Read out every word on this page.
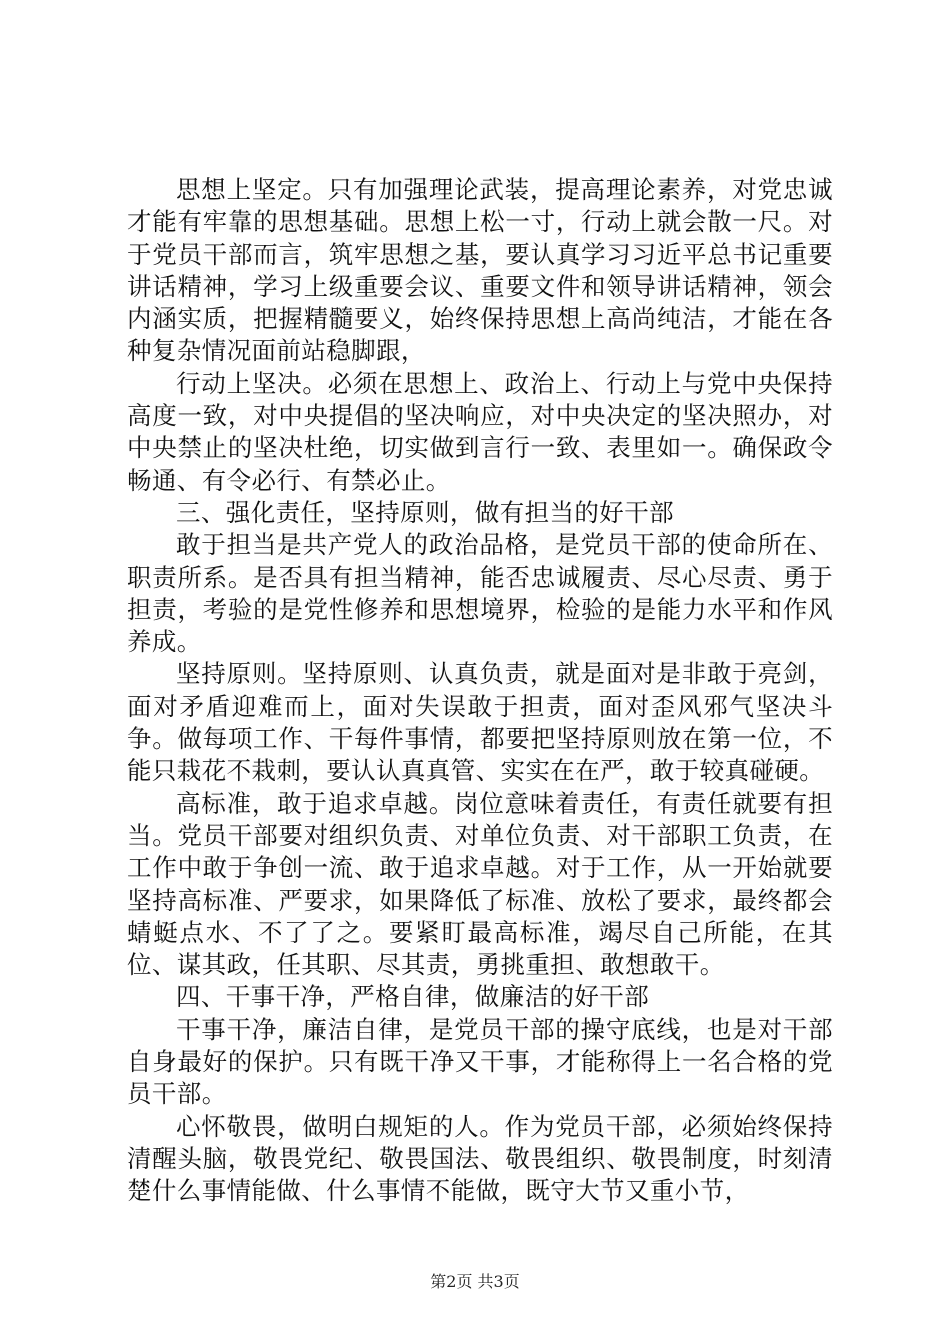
思想上坚定。只有加强理论武装，提高理论素养，对党忠诚才能有牢靠的思想基础。思想上松一寸，行动上就会散一尺。对于党员干部而言，筑牢思想之基，要认真学习习近平总书记重要讲话精神，学习上级重要会议、重要文件和领导讲话精神，领会内涵实质，把握精髓要义，始终保持思想上高尚纯洁，才能在各种复杂情况面前站稳脚跟，

行动上坚决。必须在思想上、政治上、行动上与党中央保持高度一致，对中央提倡的坚决响应，对中央决定的坚决照办，对中央禁止的坚决杜绝，切实做到言行一致、表里如一。确保政令畅通、有令必行、有禁必止。

三、强化责任，坚持原则，做有担当的好干部

敢于担当是共产党人的政治品格，是党员干部的使命所在、职责所系。是否具有担当精神，能否忠诚履责、尽心尽责、勇于担责，考验的是党性修养和思想境界，检验的是能力水平和作风养成。

坚持原则。坚持原则、认真负责，就是面对是非敢于亮剑，面对矛盾迎难而上，面对失误敢于担责，面对歪风邪气坚决斗争。做每项工作、干每件事情，都要把坚持原则放在第一位，不能只栽花不栽刺，要认认真真管、实实在在严，敢于较真碰硬。

高标准，敢于追求卓越。岗位意味着责任，有责任就要有担当。党员干部要对组织负责、对单位负责、对干部职工负责，在工作中敢于争创一流、敢于追求卓越。对于工作，从一开始就要坚持高标准、严要求，如果降低了标准、放松了要求，最终都会蜻蜓点水、不了了之。要紧盯最高标准，竭尽自己所能，在其位、谋其政，任其职、尽其责，勇挑重担、敢想敢干。

四、干事干净，严格自律，做廉洁的好干部

干事干净，廉洁自律，是党员干部的操守底线，也是对干部自身最好的保护。只有既干净又干事，才能称得上一名合格的党员干部。

心怀敬畏，做明白规矩的人。作为党员干部，必须始终保持清醒头脑，敬畏党纪、敬畏国法、敬畏组织、敬畏制度，时刻清楚什么事情能做、什么事情不能做，既守大节又重小节，

第2页 共3页
